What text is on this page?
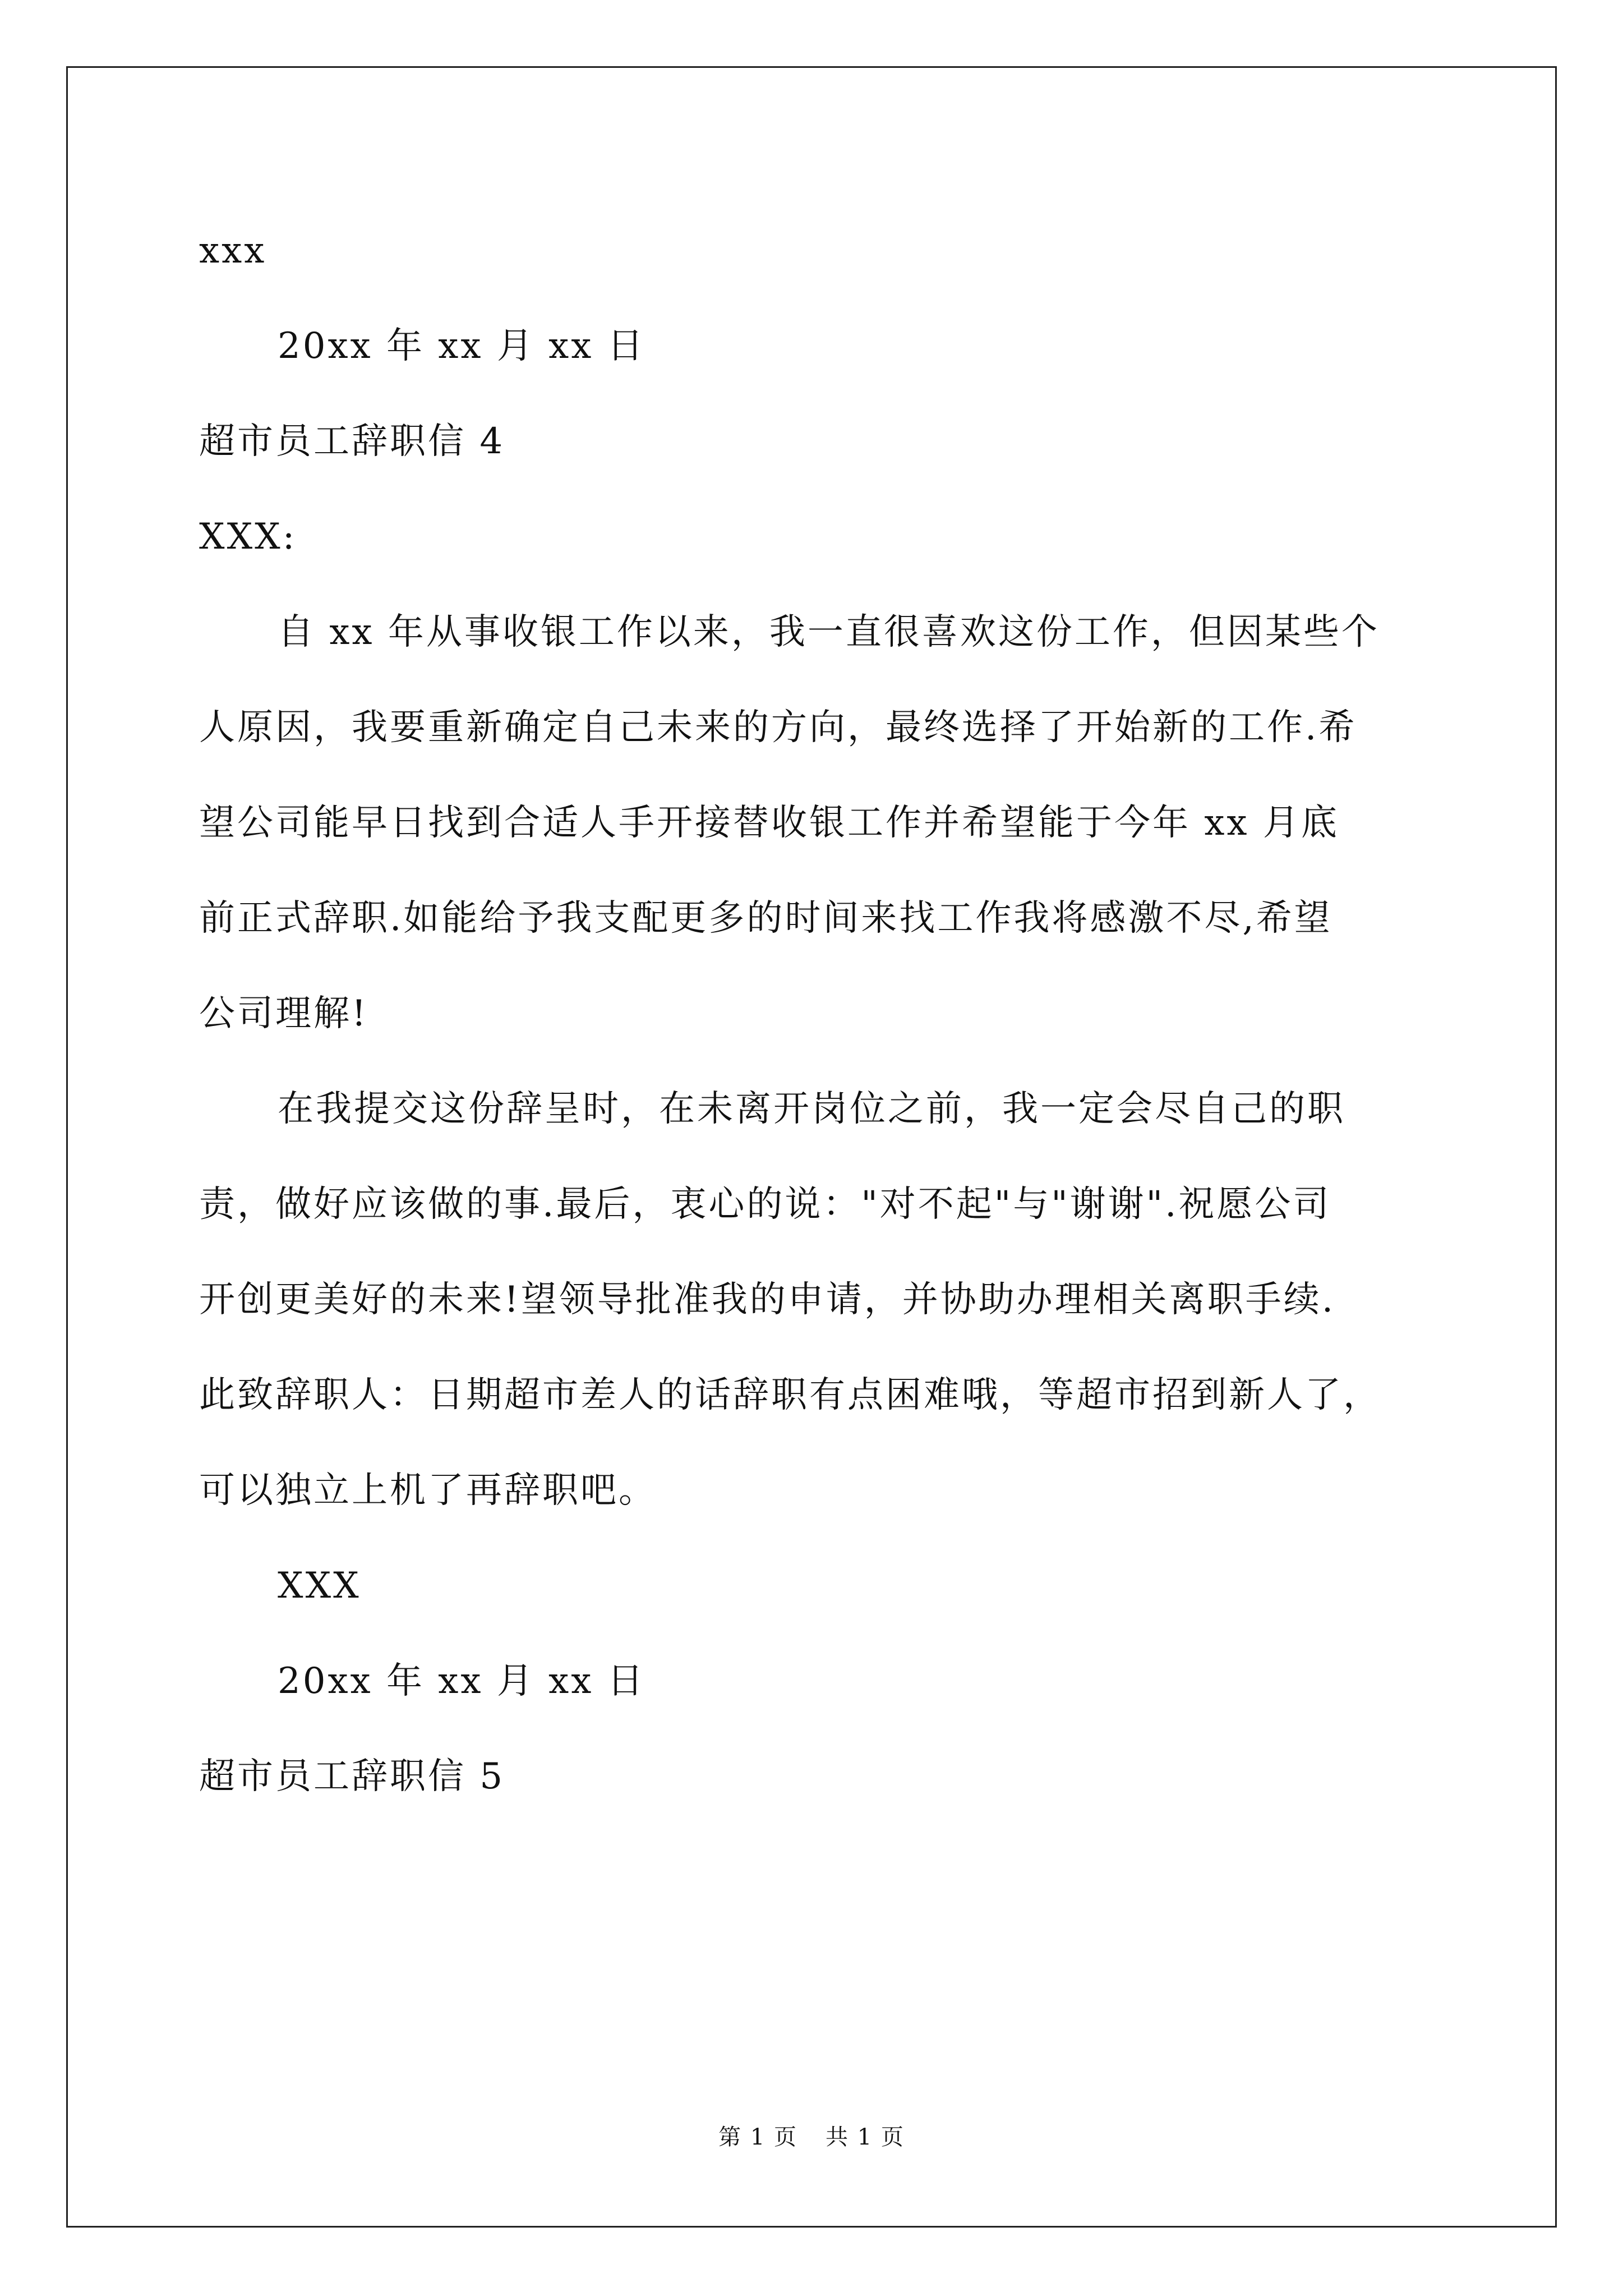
xxx
20xx 年 xx 月 xx 日
超市员工辞职信 4
XXX:
自 xx 年从事收银工作以来，我一直很喜欢这份工作，但因某些个
人原因，我要重新确定自己未来的方向，最终选择了开始新的工作.希
望公司能早日找到合适人手开接替收银工作并希望能于今年 xx 月底
前正式辞职.如能给予我支配更多的时间来找工作我将感激不尽,希望
公司理解!
在我提交这份辞呈时，在未离开岗位之前，我一定会尽自己的职
责，做好应该做的事.最后，衷心的说："对不起"与"谢谢".祝愿公司
开创更美好的未来!望领导批准我的申请，并协助办理相关离职手续.
此致辞职人：日期超市差人的话辞职有点困难哦，等超市招到新人了，
可以独立上机了再辞职吧。
XXX
20xx 年 xx 月 xx 日
超市员工辞职信 5
第 1 页 共 1 页
